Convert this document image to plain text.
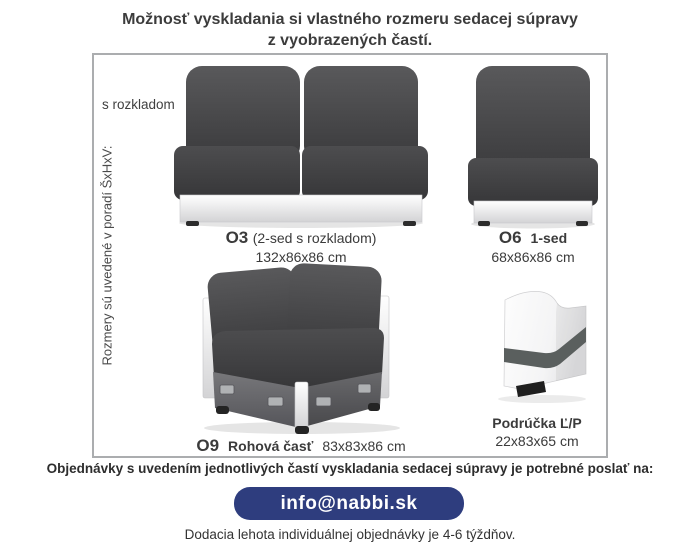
Možnosť vyskladania si vlastného rozmeru sedacej súpravy
z vyobrazených častí.
Rozmery sú uvedené v poradí ŠxHxV:
s rozkladom
O3 (2-sed s rozkladom)
132x86x86 cm
O6 1-sed
68x86x86 cm
O9 Rohová časť 83x83x86 cm
Podrúčka Ľ/P
22x83x65 cm
Objednávky s uvedením jednotlivých častí vyskladania sedacej súpravy je potrebné poslať na:
info@nabbi.sk
Dodacia lehota individuálnej objednávky je 4-6 týždňov.
